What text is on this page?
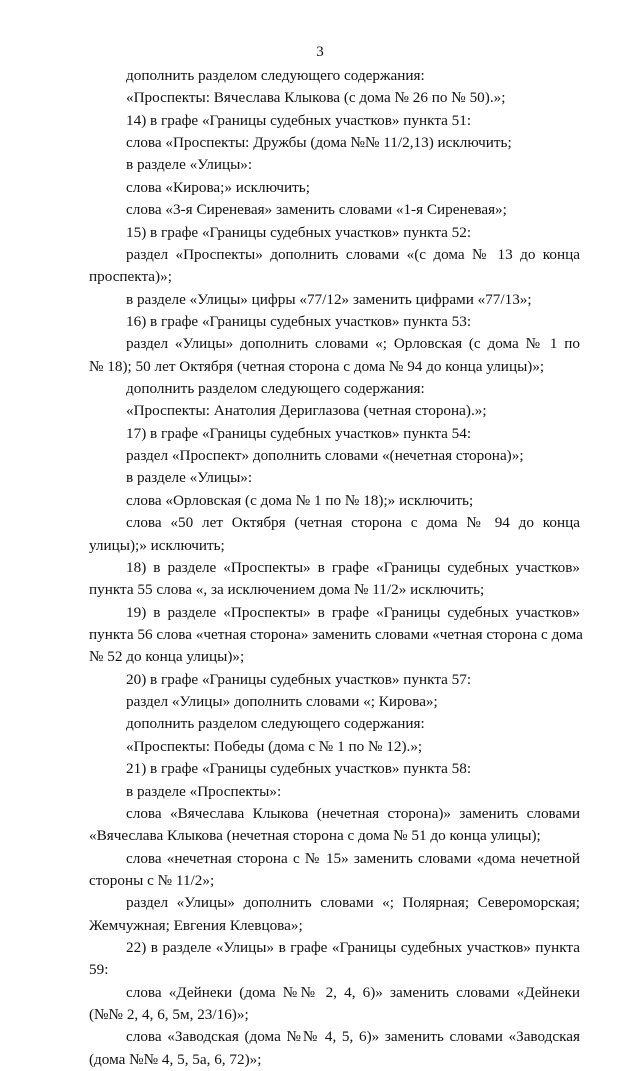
3
дополнить разделом следующего содержания:
«Проспекты: Вячеслава Клыкова (с дома № 26 по № 50).»;
14) в графе «Границы судебных участков» пункта 51:
слова «Проспекты: Дружбы (дома №№ 11/2,13) исключить;
в разделе «Улицы»:
слова «Кирова;» исключить;
слова «3-я Сиреневая» заменить словами «1-я Сиреневая»;
15) в графе «Границы судебных участков» пункта 52:
раздел «Проспекты» дополнить словами «(с дома № 13 до конца
проспекта)»;
в разделе «Улицы» цифры «77/12» заменить цифрами «77/13»;
16) в графе «Границы судебных участков» пункта 53:
раздел «Улицы» дополнить словами «; Орловская (с дома № 1 по
№ 18); 50 лет Октября (четная сторона с дома № 94 до конца улицы)»;
дополнить разделом следующего содержания:
«Проспекты: Анатолия Дериглазова (четная сторона).»;
17) в графе «Границы судебных участков» пункта 54:
раздел «Проспект» дополнить словами «(нечетная сторона)»;
в разделе «Улицы»:
слова «Орловская (с дома № 1 по № 18);» исключить;
слова «50 лет Октября (четная сторона с дома № 94 до конца
улицы);» исключить;
18) в разделе «Проспекты» в графе «Границы судебных участков»
пункта 55 слова «, за исключением дома № 11/2» исключить;
19) в разделе «Проспекты» в графе «Границы судебных участков»
пункта 56 слова «четная сторона» заменить словами «четная сторона с дома
№ 52 до конца улицы)»;
20) в графе «Границы судебных участков» пункта 57:
раздел «Улицы» дополнить словами «; Кирова»;
дополнить разделом следующего содержания:
«Проспекты: Победы (дома с № 1 по № 12).»;
21) в графе «Границы судебных участков» пункта 58:
в разделе «Проспекты»:
слова «Вячеслава Клыкова (нечетная сторона)» заменить словами
«Вячеслава Клыкова (нечетная сторона с дома № 51 до конца улицы);
слова «нечетная сторона с № 15» заменить словами «дома нечетной
стороны с № 11/2»;
раздел «Улицы» дополнить словами «; Полярная; Североморская;
Жемчужная; Евгения Клевцова»;
22) в разделе «Улицы» в графе «Границы судебных участков» пункта
59:
слова «Дейнеки (дома №№ 2, 4, 6)» заменить словами «Дейнеки
(№№ 2, 4, 6, 5м, 23/16)»;
слова «Заводская (дома №№ 4, 5, 6)» заменить словами «Заводская
(дома №№ 4, 5, 5а, 6, 72)»;
